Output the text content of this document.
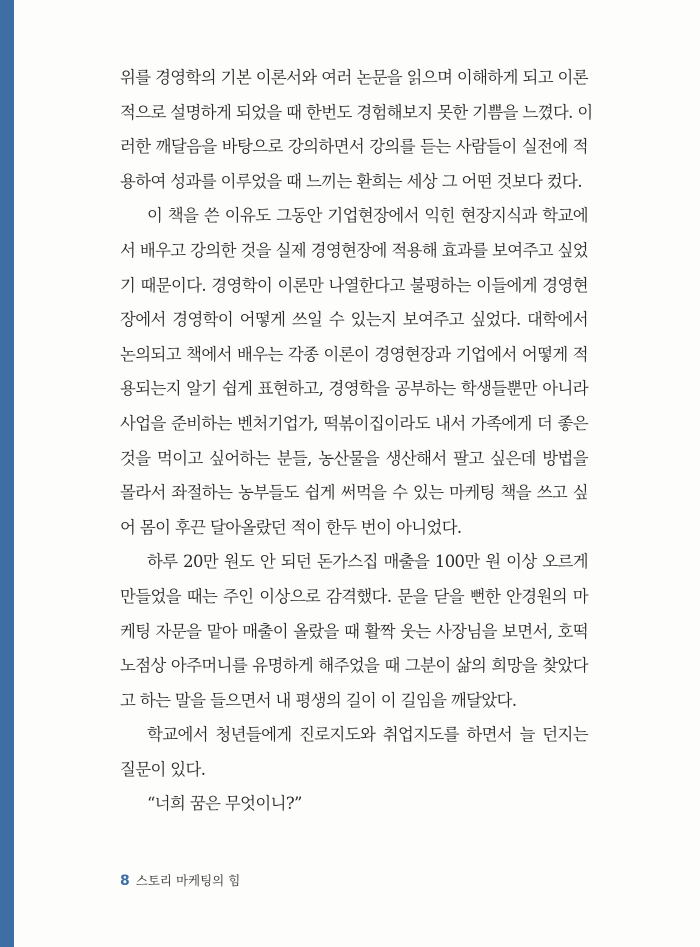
위를 경영학의 기본 이론서와 여러 논문을 읽으며 이해하게 되고 이론
적으로 설명하게 되었을 때 한번도 경험해보지 못한 기쁨을 느꼈다. 이
러한 깨달음을 바탕으로 강의하면서 강의를 듣는 사람들이 실전에 적
용하여 성과를 이루었을 때 느끼는 환희는 세상 그 어떤 것보다 컸다.
이 책을 쓴 이유도 그동안 기업현장에서 익힌 현장지식과 학교에
서 배우고 강의한 것을 실제 경영현장에 적용해 효과를 보여주고 싶었
기 때문이다. 경영학이 이론만 나열한다고 불평하는 이들에게 경영현
장에서 경영학이 어떻게 쓰일 수 있는지 보여주고 싶었다. 대학에서
논의되고 책에서 배우는 각종 이론이 경영현장과 기업에서 어떻게 적
용되는지 알기 쉽게 표현하고, 경영학을 공부하는 학생들뿐만 아니라
사업을 준비하는 벤처기업가, 떡볶이집이라도 내서 가족에게 더 좋은
것을 먹이고 싶어하는 분들, 농산물을 생산해서 팔고 싶은데 방법을
몰라서 좌절하는 농부들도 쉽게 써먹을 수 있는 마케팅 책을 쓰고 싶
어 몸이 후끈 달아올랐던 적이 한두 번이 아니었다.
하루 20만 원도 안 되던 돈가스집 매출을 100만 원 이상 오르게
만들었을 때는 주인 이상으로 감격했다. 문을 닫을 뻔한 안경원의 마
케팅 자문을 맡아 매출이 올랐을 때 활짝 웃는 사장님을 보면서, 호떡
노점상 아주머니를 유명하게 해주었을 때 그분이 삶의 희망을 찾았다
고 하는 말을 들으면서 내 평생의 길이 이 길임을 깨달았다.
학교에서 청년들에게 진로지도와 취업지도를 하면서 늘 던지는
질문이 있다.
“너희 꿈은 무엇이니?”
8 스토리 마케팅의 힘
